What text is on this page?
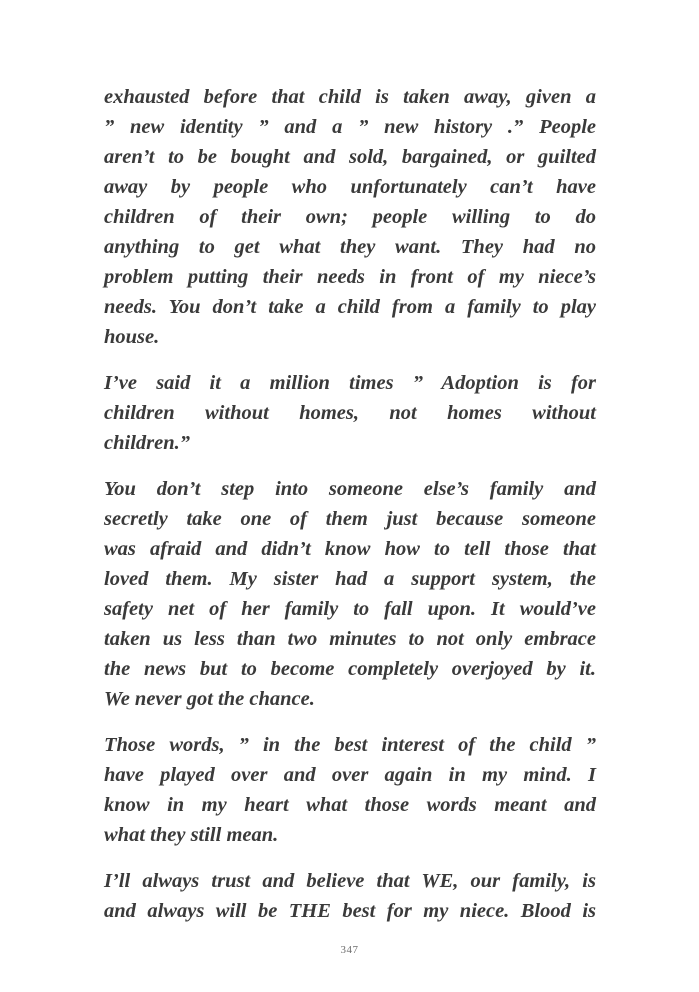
exhausted before that child is taken away, given a
” new identity ” and a ” new history .” People
aren’t to be bought and sold, bargained, or guilted
away by people who unfortunately can’t have
children of their own; people willing to do
anything to get what they want. They had no
problem putting their needs in front of my niece’s
needs. You don’t take a child from a family to play
house.
I’ve said it a million times ” Adoption is for
children without homes, not homes without
children.”
You don’t step into someone else’s family and
secretly take one of them just because someone
was afraid and didn’t know how to tell those that
loved them. My sister had a support system, the
safety net of her family to fall upon. It would’ve
taken us less than two minutes to not only embrace
the news but to become completely overjoyed by it.
We never got the chance.
Those words, ” in the best interest of the child ”
have played over and over again in my mind. I
know in my heart what those words meant and
what they still mean.
I’ll always trust and believe that WE, our family, is
and always will be THE best for my niece. Blood is
347
